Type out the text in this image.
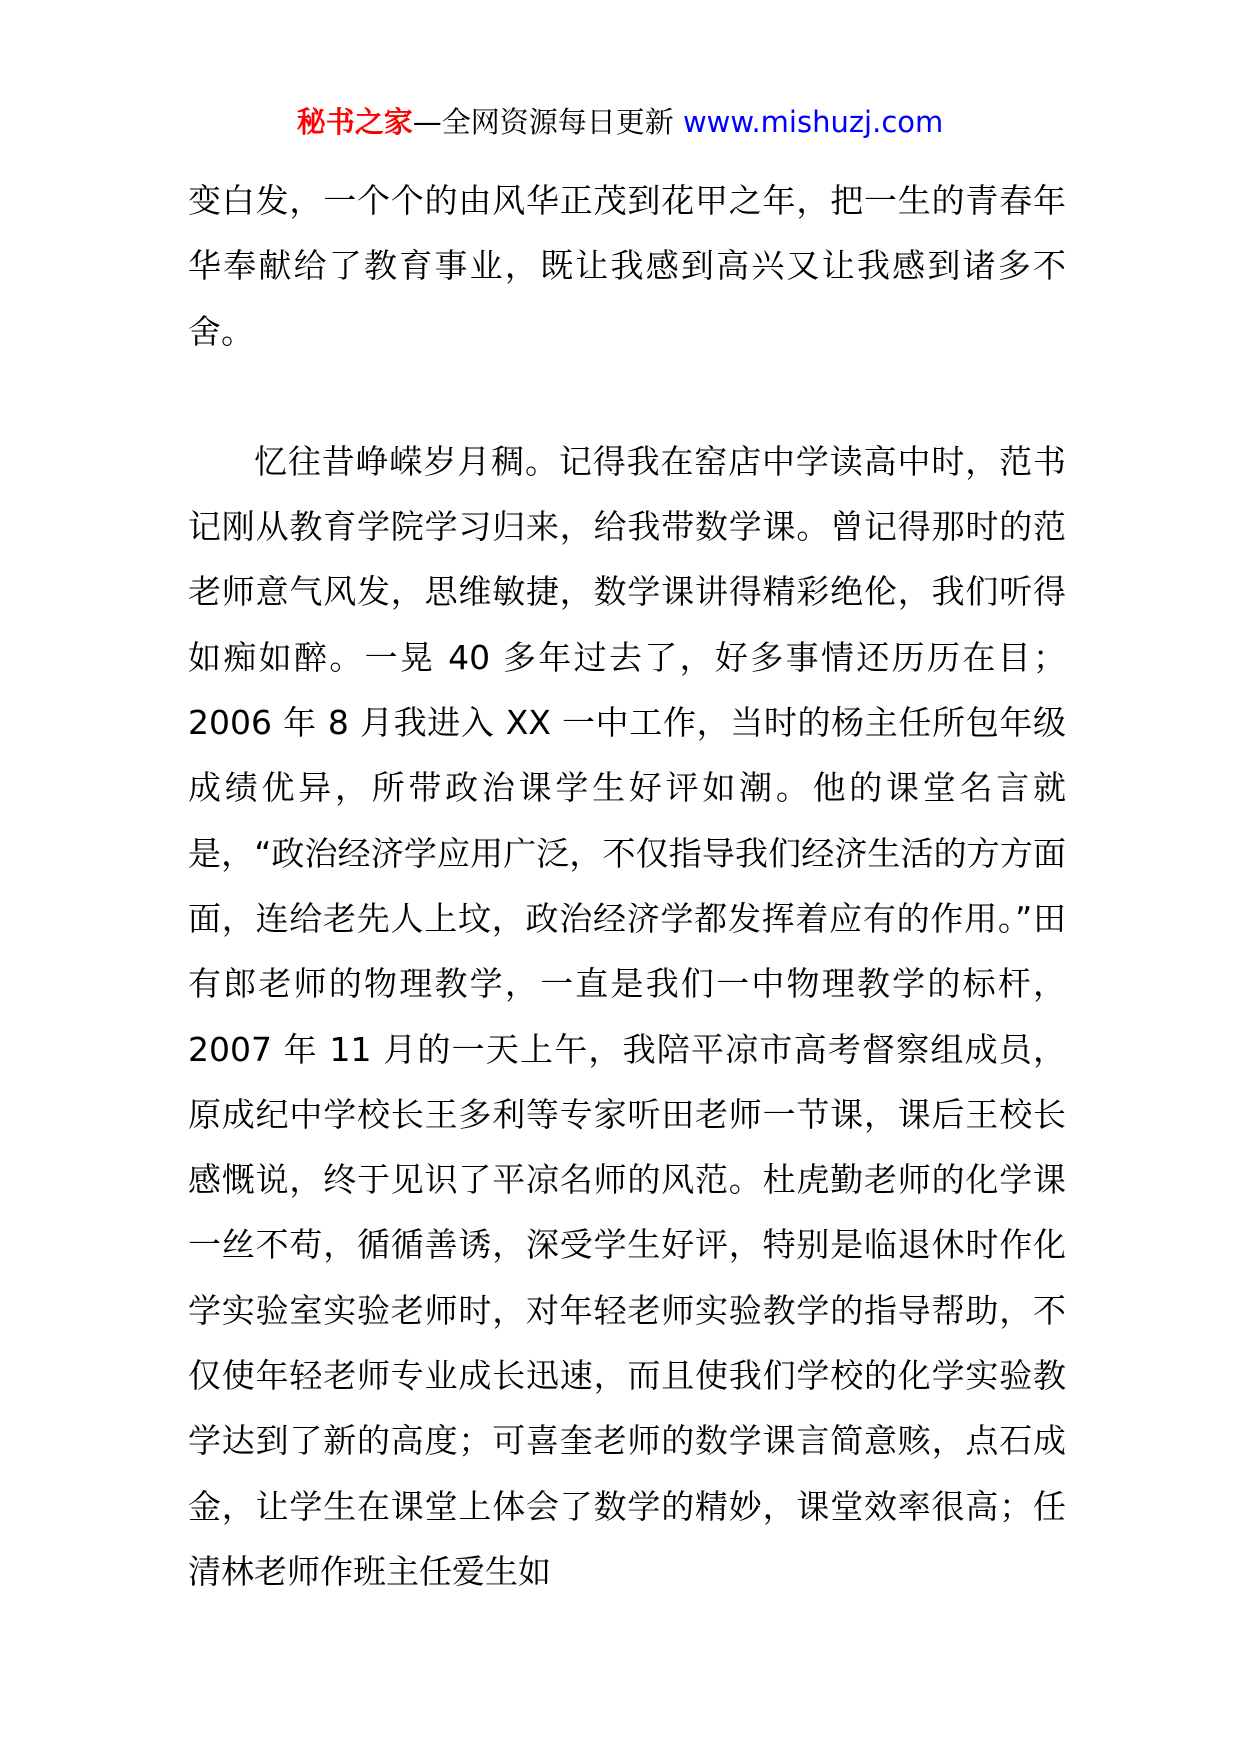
秘书之家—全网资源每日更新 www.mishuzj.com

变白发，一个个的由风华正茂到花甲之年，把一生的青春年华奉献给了教育事业，既让我感到高兴又让我感到诸多不舍。

忆往昔峥嵘岁月稠。记得我在窑店中学读高中时，范书记刚从教育学院学习归来，给我带数学课。曾记得那时的范老师意气风发，思维敏捷，数学课讲得精彩绝伦，我们听得如痴如醉。一晃 40 多年过去了，好多事情还历历在目；2006 年 8 月我进入 XX 一中工作，当时的杨主任所包年级成绩优异，所带政治课学生好评如潮。他的课堂名言就是，“政治经济学应用广泛，不仅指导我们经济生活的方方面面，连给老先人上坟，政治经济学都发挥着应有的作用。”田有郎老师的物理教学，一直是我们一中物理教学的标杆，2007 年 11 月的一天上午，我陪平凉市高考督察组成员，原成纪中学校长王多利等专家听田老师一节课，课后王校长感慨说，终于见识了平凉名师的风范。杜虎勤老师的化学课一丝不苟，循循善诱，深受学生好评，特别是临退休时作化学实验室实验老师时，对年轻老师实验教学的指导帮助，不仅使年轻老师专业成长迅速，而且使我们学校的化学实验教学达到了新的高度；可喜奎老师的数学课言简意赅，点石成金，让学生在课堂上体会了数学的精妙，课堂效率很高；任清林老师作班主任爱生如
